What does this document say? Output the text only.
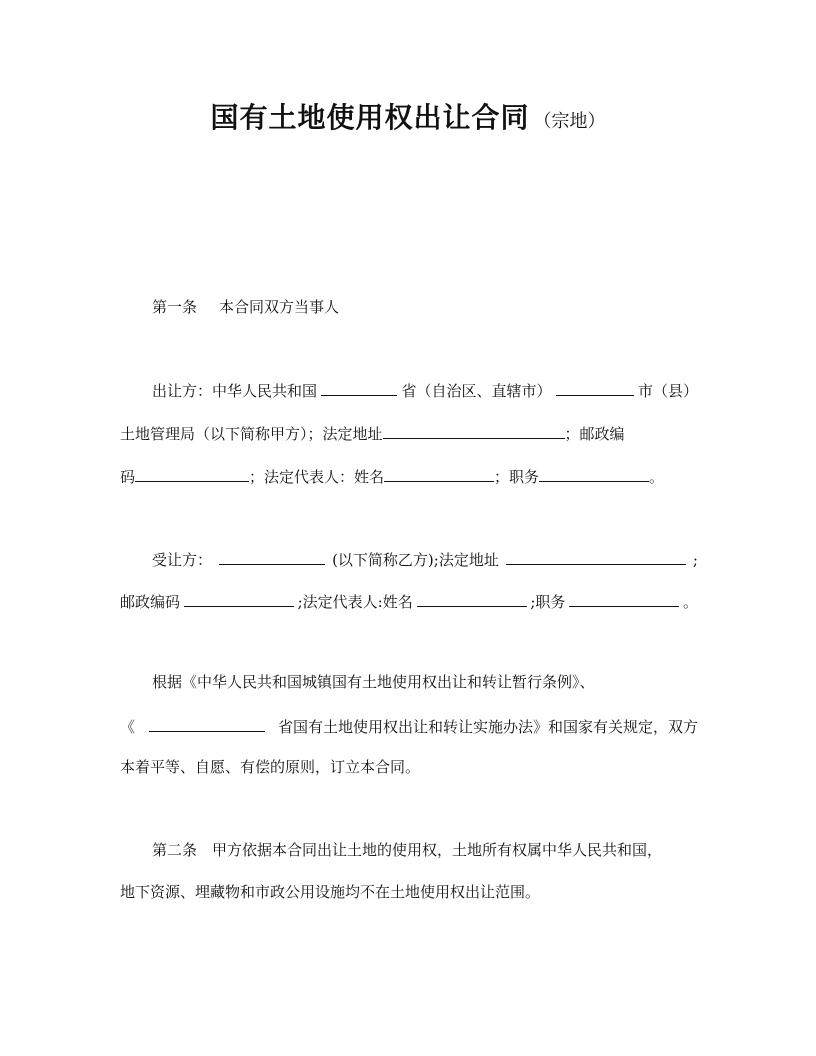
国有土地使用权出让合同 （宗地）
第一条 本合同双方当事人
出让方：中华人民共和国	省（自治区、直辖市）	市（县）
土地管理局（以下简称甲方）；法定地址	；邮政编
码	；法定代表人：姓名	；职务	。
受让方：	(以下简称乙方);法定地址	;
邮政编码	;法定代表人:姓名	;职务	。
根据《中华人民共和国城镇国有土地使用权出让和转让暂行条例》、
《	省国有土地使用权出让和转让实施办法》和国家有关规定，双方
本着平等、自愿、有偿的原则，订立本合同。
第二条　甲方依据本合同出让土地的使用权，土地所有权属中华人民共和国，
地下资源、埋藏物和市政公用设施均不在土地使用权出让范围。
